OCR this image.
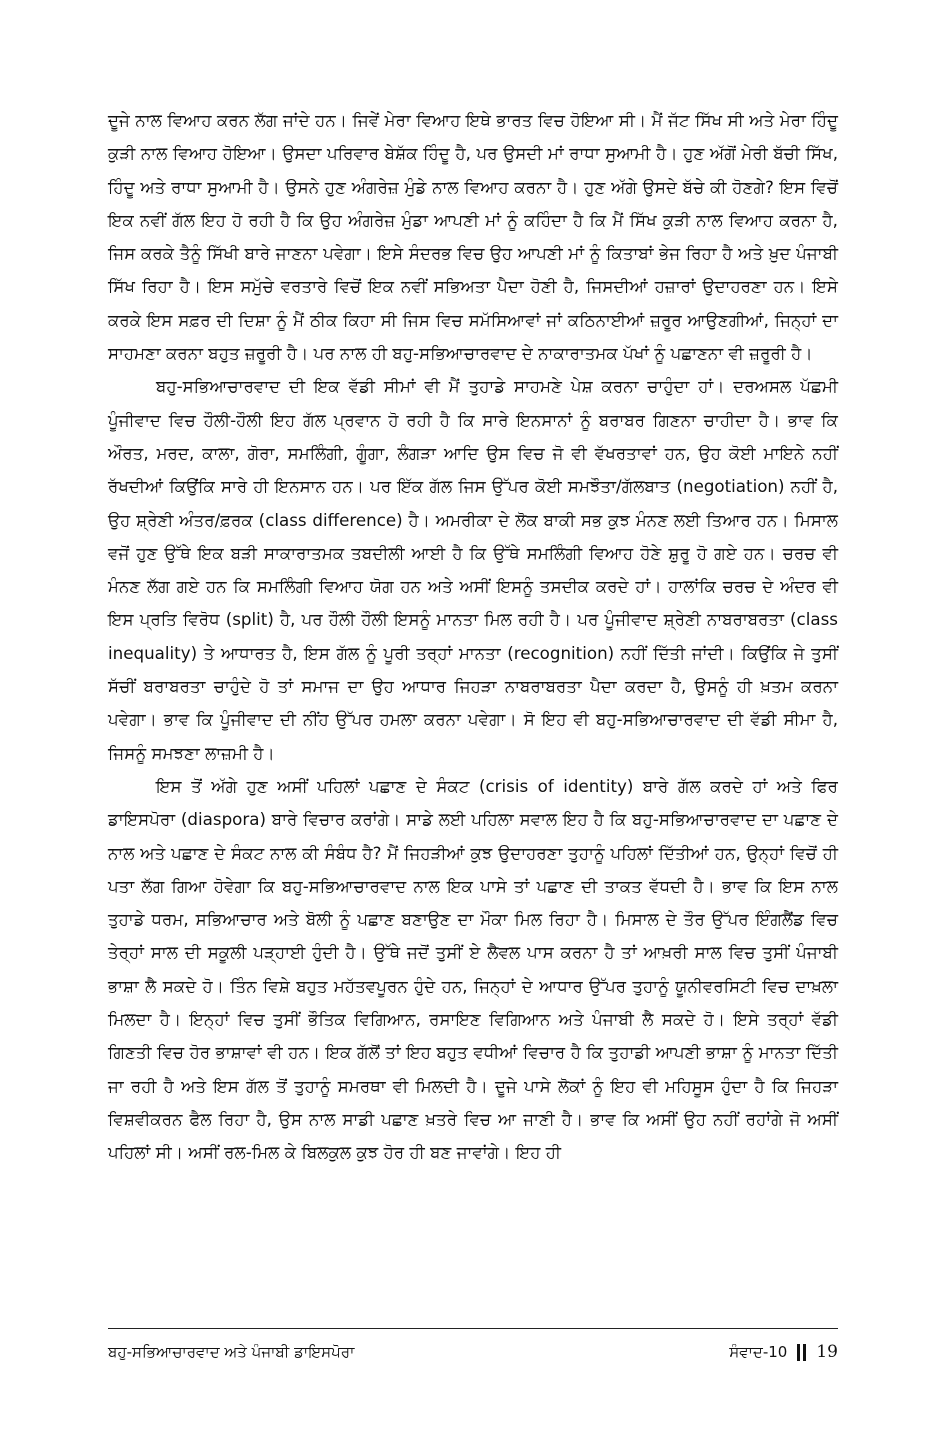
ਦੂਜੇ ਨਾਲ ਵਿਆਹ ਕਰਨ ਲੱਗ ਜਾਂਦੇ ਹਨ। ਜਿਵੇਂ ਮੇਰਾ ਵਿਆਹ ਇਥੇ ਭਾਰਤ ਵਿਚ ਹੋਇਆ ਸੀ। ਮੈਂ ਜੱਟ ਸਿੱਖ ਸੀ ਅਤੇ ਮੇਰਾ ਹਿੰਦੂ ਕੁੜੀ ਨਾਲ ਵਿਆਹ ਹੋਇਆ। ਉਸਦਾ ਪਰਿਵਾਰ ਬੇਸ਼ੱਕ ਹਿੰਦੂ ਹੈ, ਪਰ ਉਸਦੀ ਮਾਂ ਰਾਧਾ ਸੁਆਮੀ ਹੈ। ਹੁਣ ਅੱਗੋਂ ਮੇਰੀ ਬੱਚੀ ਸਿੱਖ, ਹਿੰਦੂ ਅਤੇ ਰਾਧਾ ਸੁਆਮੀ ਹੈ। ਉਸਨੇ ਹੁਣ ਅੰਗਰੇਜ਼ ਮੁੰਡੇ ਨਾਲ ਵਿਆਹ ਕਰਨਾ ਹੈ। ਹੁਣ ਅੱਗੇ ਉਸਦੇ ਬੱਚੇ ਕੀ ਹੋਣਗੇ? ਇਸ ਵਿਚੋਂ ਇਕ ਨਵੀਂ ਗੱਲ ਇਹ ਹੋ ਰਹੀ ਹੈ ਕਿ ਉਹ ਅੰਗਰੇਜ਼ ਮੁੰਡਾ ਆਪਣੀ ਮਾਂ ਨੂੰ ਕਹਿੰਦਾ ਹੈ ਕਿ ਮੈਂ ਸਿੱਖ ਕੁੜੀ ਨਾਲ ਵਿਆਹ ਕਰਨਾ ਹੈ, ਜਿਸ ਕਰਕੇ ਤੈਨੂੰ ਸਿੱਖੀ ਬਾਰੇ ਜਾਣਨਾ ਪਵੇਗਾ। ਇਸੇ ਸੰਦਰਭ ਵਿਚ ਉਹ ਆਪਣੀ ਮਾਂ ਨੂੰ ਕਿਤਾਬਾਂ ਭੇਜ ਰਿਹਾ ਹੈ ਅਤੇ ਖ਼ੁਦ ਪੰਜਾਬੀ ਸਿੱਖ ਰਿਹਾ ਹੈ। ਇਸ ਸਮੁੱਚੇ ਵਰਤਾਰੇ ਵਿਚੋਂ ਇਕ ਨਵੀਂ ਸਭਿਅਤਾ ਪੈਦਾ ਹੋਣੀ ਹੈ, ਜਿਸਦੀਆਂ ਹਜ਼ਾਰਾਂ ਉਦਾਹਰਣਾ ਹਨ। ਇਸੇ ਕਰਕੇ ਇਸ ਸਫ਼ਰ ਦੀ ਦਿਸ਼ਾ ਨੂੰ ਮੈਂ ਠੀਕ ਕਿਹਾ ਸੀ ਜਿਸ ਵਿਚ ਸਮੱਸਿਆਵਾਂ ਜਾਂ ਕਠਿਨਾਈਆਂ ਜ਼ਰੂਰ ਆਉਣਗੀਆਂ, ਜਿਨ੍ਹਾਂ ਦਾ ਸਾਹਮਣਾ ਕਰਨਾ ਬਹੁਤ ਜ਼ਰੂਰੀ ਹੈ। ਪਰ ਨਾਲ ਹੀ ਬਹੁ-ਸਭਿਆਚਾਰਵਾਦ ਦੇ ਨਾਕਾਰਾਤਮਕ ਪੱਖਾਂ ਨੂੰ ਪਛਾਣਨਾ ਵੀ ਜ਼ਰੂਰੀ ਹੈ।

ਬਹੁ-ਸਭਿਆਚਾਰਵਾਦ ਦੀ ਇਕ ਵੱਡੀ ਸੀਮਾਂ ਵੀ ਮੈਂ ਤੁਹਾਡੇ ਸਾਹਮਣੇ ਪੇਸ਼ ਕਰਨਾ ਚਾਹੁੰਦਾ ਹਾਂ। ਦਰਅਸਲ ਪੱਛਮੀ ਪੂੰਜੀਵਾਦ ਵਿਚ ਹੌਲੀ-ਹੌਲੀ ਇਹ ਗੱਲ ਪ੍ਰਵਾਨ ਹੋ ਰਹੀ ਹੈ ਕਿ ਸਾਰੇ ਇਨਸਾਨਾਂ ਨੂੰ ਬਰਾਬਰ ਗਿਣਨਾ ਚਾਹੀਦਾ ਹੈ। ਭਾਵ ਕਿ ਔਰਤ, ਮਰਦ, ਕਾਲਾ, ਗੋਰਾ, ਸਮਲਿੰਗੀ, ਗੂੰਗਾ, ਲੰਗੜਾ ਆਦਿ ਉਸ ਵਿਚ ਜੋ ਵੀ ਵੱਖਰਤਾਵਾਂ ਹਨ, ਉਹ ਕੋਈ ਮਾਇਨੇ ਨਹੀਂ ਰੱਖਦੀਆਂ ਕਿਉਂਕਿ ਸਾਰੇ ਹੀ ਇਨਸਾਨ ਹਨ। ਪਰ ਇੱਕ ਗੱਲ ਜਿਸ ਉੱਪਰ ਕੋਈ ਸਮਝੌਤਾ/ਗੱਲਬਾਤ (negotiation) ਨਹੀਂ ਹੈ, ਉਹ ਸ਼੍ਰੇਣੀ ਅੰਤਰ/ਫ਼ਰਕ (class difference) ਹੈ। ਅਮਰੀਕਾ ਦੇ ਲੋਕ ਬਾਕੀ ਸਭ ਕੁਝ ਮੰਨਣ ਲਈ ਤਿਆਰ ਹਨ। ਮਿਸਾਲ ਵਜੋਂ ਹੁਣ ਉੱਥੇ ਇਕ ਬੜੀ ਸਾਕਾਰਾਤਮਕ ਤਬਦੀਲੀ ਆਈ ਹੈ ਕਿ ਉੱਥੇ ਸਮਲਿੰਗੀ ਵਿਆਹ ਹੋਣੇ ਸ਼ੁਰੂ ਹੋ ਗਏ ਹਨ। ਚਰਚ ਵੀ ਮੰਨਣ ਲੱਗ ਗਏ ਹਨ ਕਿ ਸਮਲਿੰਗੀ ਵਿਆਹ ਯੋਗ ਹਨ ਅਤੇ ਅਸੀਂ ਇਸਨੂੰ ਤਸਦੀਕ ਕਰਦੇ ਹਾਂ। ਹਾਲਾਂਕਿ ਚਰਚ ਦੇ ਅੰਦਰ ਵੀ ਇਸ ਪ੍ਰਤਿ ਵਿਰੋਧ (split) ਹੈ, ਪਰ ਹੌਲੀ ਹੌਲੀ ਇਸਨੂੰ ਮਾਨਤਾ ਮਿਲ ਰਹੀ ਹੈ। ਪਰ ਪੂੰਜੀਵਾਦ ਸ਼੍ਰੇਣੀ ਨਾਬਰਾਬਰਤਾ (class inequality) ਤੇ ਆਧਾਰਤ ਹੈ, ਇਸ ਗੱਲ ਨੂੰ ਪੂਰੀ ਤਰ੍ਹਾਂ ਮਾਨਤਾ (recognition) ਨਹੀਂ ਦਿੱਤੀ ਜਾਂਦੀ। ਕਿਉਂਕਿ ਜੇ ਤੁਸੀਂ ਸੱਚੀਂ ਬਰਾਬਰਤਾ ਚਾਹੁੰਦੇ ਹੋ ਤਾਂ ਸਮਾਜ ਦਾ ਉਹ ਆਧਾਰ ਜਿਹੜਾ ਨਾਬਰਾਬਰਤਾ ਪੈਦਾ ਕਰਦਾ ਹੈ, ਉਸਨੂੰ ਹੀ ਖ਼ਤਮ ਕਰਨਾ ਪਵੇਗਾ। ਭਾਵ ਕਿ ਪੂੰਜੀਵਾਦ ਦੀ ਨੀਂਹ ਉੱਪਰ ਹਮਲਾ ਕਰਨਾ ਪਵੇਗਾ। ਸੋ ਇਹ ਵੀ ਬਹੁ-ਸਭਿਆਚਾਰਵਾਦ ਦੀ ਵੱਡੀ ਸੀਮਾ ਹੈ, ਜਿਸਨੂੰ ਸਮਝਣਾ ਲਾਜ਼ਮੀ ਹੈ।

ਇਸ ਤੋਂ ਅੱਗੇ ਹੁਣ ਅਸੀਂ ਪਹਿਲਾਂ ਪਛਾਣ ਦੇ ਸੰਕਟ (crisis of identity) ਬਾਰੇ ਗੱਲ ਕਰਦੇ ਹਾਂ ਅਤੇ ਫਿਰ ਡਾਇਸਪੋਰਾ (diaspora) ਬਾਰੇ ਵਿਚਾਰ ਕਰਾਂਗੇ। ਸਾਡੇ ਲਈ ਪਹਿਲਾ ਸਵਾਲ ਇਹ ਹੈ ਕਿ ਬਹੁ-ਸਭਿਆਚਾਰਵਾਦ ਦਾ ਪਛਾਣ ਦੇ ਨਾਲ ਅਤੇ ਪਛਾਣ ਦੇ ਸੰਕਟ ਨਾਲ ਕੀ ਸੰਬੰਧ ਹੈ? ਮੈਂ ਜਿਹੜੀਆਂ ਕੁਝ ਉਦਾਹਰਣਾ ਤੁਹਾਨੂੰ ਪਹਿਲਾਂ ਦਿੱਤੀਆਂ ਹਨ, ਉਨ੍ਹਾਂ ਵਿਚੋਂ ਹੀ ਪਤਾ ਲੱਗ ਗਿਆ ਹੋਵੇਗਾ ਕਿ ਬਹੁ-ਸਭਿਆਚਾਰਵਾਦ ਨਾਲ ਇਕ ਪਾਸੇ ਤਾਂ ਪਛਾਣ ਦੀ ਤਾਕਤ ਵੱਧਦੀ ਹੈ। ਭਾਵ ਕਿ ਇਸ ਨਾਲ ਤੁਹਾਡੇ ਧਰਮ, ਸਭਿਆਚਾਰ ਅਤੇ ਬੋਲੀ ਨੂੰ ਪਛਾਣ ਬਣਾਉਣ ਦਾ ਮੌਕਾ ਮਿਲ ਰਿਹਾ ਹੈ। ਮਿਸਾਲ ਦੇ ਤੌਰ ਉੱਪਰ ਇੰਗਲੈਂਡ ਵਿਚ ਤੇਰ੍ਹਾਂ ਸਾਲ ਦੀ ਸਕੂਲੀ ਪੜ੍ਹਾਈ ਹੁੰਦੀ ਹੈ। ਉੱਥੇ ਜਦੋਂ ਤੁਸੀਂ ਏ ਲੈਵਲ ਪਾਸ ਕਰਨਾ ਹੈ ਤਾਂ ਆਖ਼ਰੀ ਸਾਲ ਵਿਚ ਤੁਸੀਂ ਪੰਜਾਬੀ ਭਾਸ਼ਾ ਲੈ ਸਕਦੇ ਹੋ। ਤਿੰਨ ਵਿਸ਼ੇ ਬਹੁਤ ਮਹੱਤਵਪੂਰਨ ਹੁੰਦੇ ਹਨ, ਜਿਨ੍ਹਾਂ ਦੇ ਆਧਾਰ ਉੱਪਰ ਤੁਹਾਨੂੰ ਯੂਨੀਵਰਸਿਟੀ ਵਿਚ ਦਾਖ਼ਲਾ ਮਿਲਦਾ ਹੈ। ਇਨ੍ਹਾਂ ਵਿਚ ਤੁਸੀਂ ਭੌਤਿਕ ਵਿਗਿਆਨ, ਰਸਾਇਣ ਵਿਗਿਆਨ ਅਤੇ ਪੰਜਾਬੀ ਲੈ ਸਕਦੇ ਹੋ। ਇਸੇ ਤਰ੍ਹਾਂ ਵੱਡੀ ਗਿਣਤੀ ਵਿਚ ਹੋਰ ਭਾਸ਼ਾਵਾਂ ਵੀ ਹਨ। ਇਕ ਗੱਲੋਂ ਤਾਂ ਇਹ ਬਹੁਤ ਵਧੀਆਂ ਵਿਚਾਰ ਹੈ ਕਿ ਤੁਹਾਡੀ ਆਪਣੀ ਭਾਸ਼ਾ ਨੂੰ ਮਾਨਤਾ ਦਿੱਤੀ ਜਾ ਰਹੀ ਹੈ ਅਤੇ ਇਸ ਗੱਲ ਤੋਂ ਤੁਹਾਨੂੰ ਸਮਰਥਾ ਵੀ ਮਿਲਦੀ ਹੈ। ਦੂਜੇ ਪਾਸੇ ਲੋਕਾਂ ਨੂੰ ਇਹ ਵੀ ਮਹਿਸੂਸ ਹੁੰਦਾ ਹੈ ਕਿ ਜਿਹੜਾ ਵਿਸ਼ਵੀਕਰਨ ਫੈਲ ਰਿਹਾ ਹੈ, ਉਸ ਨਾਲ ਸਾਡੀ ਪਛਾਣ ਖ਼ਤਰੇ ਵਿਚ ਆ ਜਾਣੀ ਹੈ। ਭਾਵ ਕਿ ਅਸੀਂ ਉਹ ਨਹੀਂ ਰਹਾਂਗੇ ਜੋ ਅਸੀਂ ਪਹਿਲਾਂ ਸੀ। ਅਸੀਂ ਰਲ-ਮਿਲ ਕੇ ਬਿਲਕੁਲ ਕੁਝ ਹੋਰ ਹੀ ਬਣ ਜਾਵਾਂਗੇ। ਇਹ ਹੀ

ਬਹੁ-ਸਭਿਆਚਾਰਵਾਦ ਅਤੇ ਪੰਜਾਬੀ ਡਾਇਸਪੋਰਾ	ਸੰਵਾਦ-10 19
